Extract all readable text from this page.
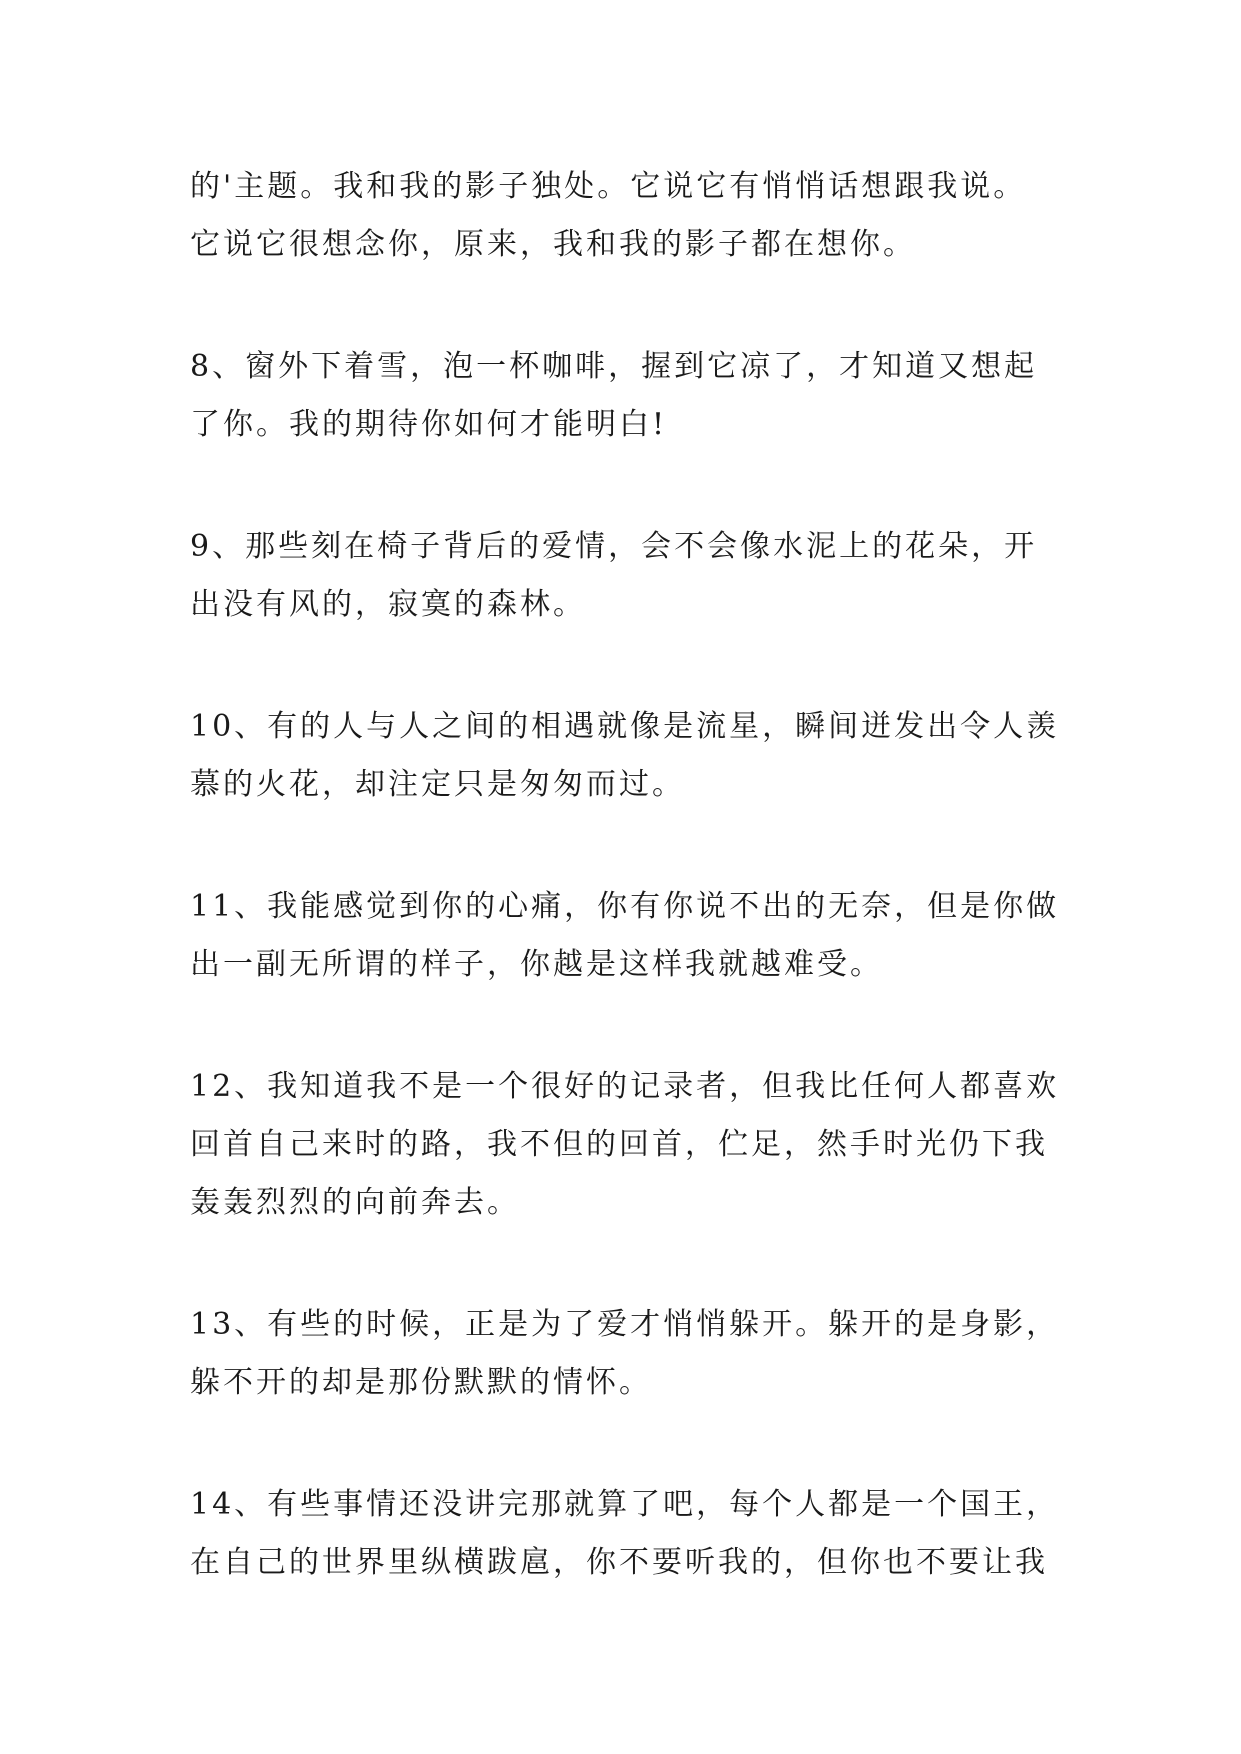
的'主题。我和我的影子独处。它说它有悄悄话想跟我说。
它说它很想念你，原来，我和我的影子都在想你。

8、窗外下着雪，泡一杯咖啡，握到它凉了，才知道又想起
了你。我的期待你如何才能明白!

9、那些刻在椅子背后的爱情，会不会像水泥上的花朵，开
出没有风的，寂寞的森林。

10、有的人与人之间的相遇就像是流星，瞬间迸发出令人羡
慕的火花，却注定只是匆匆而过。

11、我能感觉到你的心痛，你有你说不出的无奈，但是你做
出一副无所谓的样子，你越是这样我就越难受。

12、我知道我不是一个很好的记录者，但我比任何人都喜欢
回首自己来时的路，我不但的回首，伫足，然手时光仍下我
轰轰烈烈的向前奔去。

13、有些的时候，正是为了爱才悄悄躲开。躲开的是身影，
躲不开的却是那份默默的情怀。

14、有些事情还没讲完那就算了吧，每个人都是一个国王，
在自己的世界里纵横跋扈，你不要听我的，但你也不要让我
